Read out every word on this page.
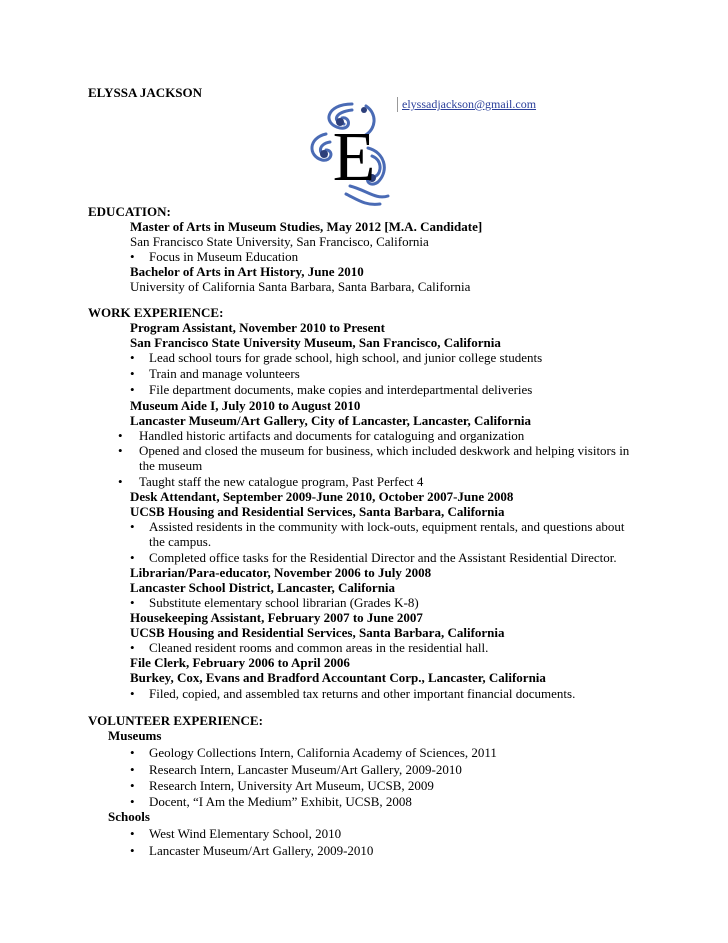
ELYSSA JACKSON
elyssadjackson@gmail.com
E
EDUCATION:
Master of Arts in Museum Studies, May 2012 [M.A. Candidate]
San Francisco State University, San Francisco, California
• Focus in Museum Education
Bachelor of Arts in Art History, June 2010
University of California Santa Barbara, Santa Barbara, California
WORK EXPERIENCE:
Program Assistant, November 2010 to Present
San Francisco State University Museum, San Francisco, California
• Lead school tours for grade school, high school, and junior college students
• Train and manage volunteers
• File department documents, make copies and interdepartmental deliveries
Museum Aide I, July 2010 to August 2010
Lancaster Museum/Art Gallery, City of Lancaster, Lancaster, California
• Handled historic artifacts and documents for cataloguing and organization
• Opened and closed the museum for business, which included deskwork and helping visitors in
the museum
• Taught staff the new catalogue program, Past Perfect 4
Desk Attendant, September 2009-June 2010, October 2007-June 2008
UCSB Housing and Residential Services, Santa Barbara, California
• Assisted residents in the community with lock-outs, equipment rentals, and questions about
the campus.
• Completed office tasks for the Residential Director and the Assistant Residential Director.
Librarian/Para-educator, November 2006 to July 2008
Lancaster School District, Lancaster, California
• Substitute elementary school librarian (Grades K-8)
Housekeeping Assistant, February 2007 to June 2007
UCSB Housing and Residential Services, Santa Barbara, California
• Cleaned resident rooms and common areas in the residential hall.
File Clerk, February 2006 to April 2006
Burkey, Cox, Evans and Bradford Accountant Corp., Lancaster, California
• Filed, copied, and assembled tax returns and other important financial documents.
VOLUNTEER EXPERIENCE:
Museums
• Geology Collections Intern, California Academy of Sciences, 2011
• Research Intern, Lancaster Museum/Art Gallery, 2009-2010
• Research Intern, University Art Museum, UCSB, 2009
• Docent, “I Am the Medium” Exhibit, UCSB, 2008
Schools
• West Wind Elementary School, 2010
• Lancaster Museum/Art Gallery, 2009-2010
